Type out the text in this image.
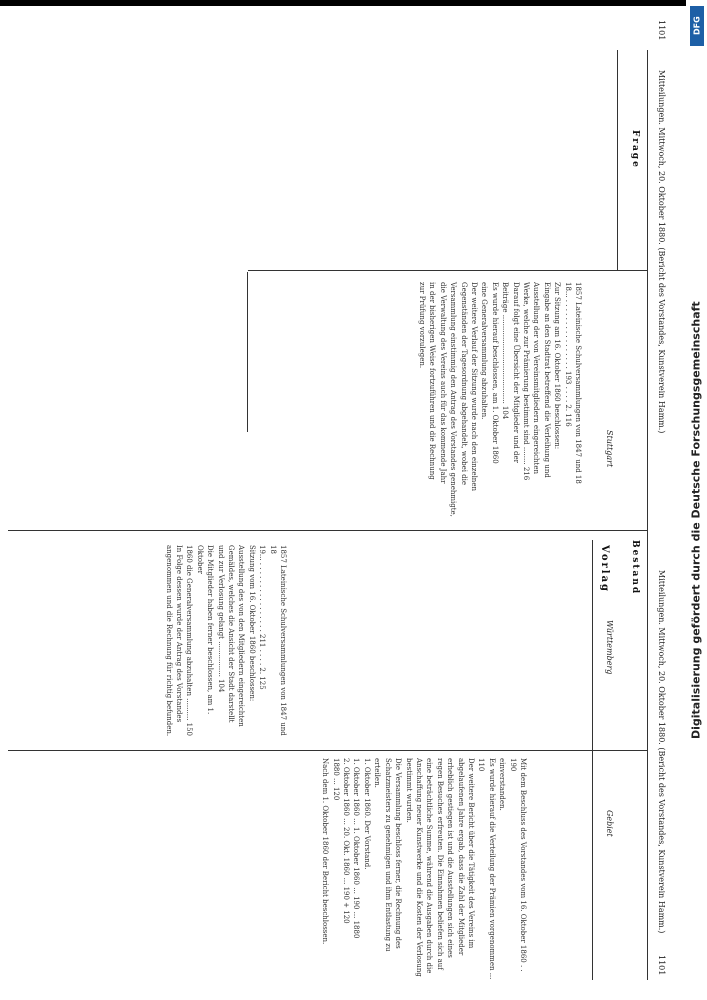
1101
Mitteilungen. Mittwoch, 20. Oktober 1880. (Bericht des Vorstandes, Kunstverein Hamm.)
Mitteilungen. Mittwoch, 20. Oktober 1880. (Bericht des Vorstandes, Kunstverein Hamm.)
1101
Frage
Bestand
Stuttgart
1857 Lateinische Schulversammlungen von 1847 und 18
18... . . . . . . . . . . . . . . . . 193 . . . . 2. 116
Zur Sitzung am 16. Oktober 1860 beschlossen:
Eingabe an den Stadtrat betreffend die Verleihung und
Ausstellung der von Vereinsmitgliedern eingereichten
Werke, welche zur Prämierung bestimmt sind ........ 216
Darauf folgt eine Übersicht der Mitglieder und der
Beiträge ........................................ 104
Es wurde hierauf beschlossen, am 1. Oktober 1860
eine Generalversammlung abzuhalten.
Der weitere Verlauf der Sitzung wurde nach den einzelnen
Gegenständen der Tagesordnung abgehandelt, wobei die
Versammlung einstimmig den Antrag des Vorstandes genehmigte,
die Verwaltung des Vereins auch für das kommende Jahr
in der bisherigen Weise fortzuführen und die Rechnung
zur Prüfung vorzulegen.
Vorlag
Württemberg
Gebiet
1857 Lateinische Schulversammlungen von 1847 und 18
19... . . . . . . . . . . . . . . . . 211 . . . . 2. 125
Sitzung vom 16. Oktober 1860 beschlossen:
Ausstellung des von den Mitgliedern eingereichten
Gemäldes, welches die Ansicht der Stadt darstellt
und zur Verlosung gelangt ................ 104
Die Mitglieder haben ferner beschlossen, am 1. Oktober
1860 die Generalversammlung abzuhalten .......... 150
In Folge dessen wurde der Antrag des Vorstandes
angenommen und die Rechnung für richtig befunden.
Mit dem Beschluss des Vorstandes vom 16. Oktober 1860 . . 190
einverstanden.
Es wurde hierauf die Verteilung der Prämien vorgenommen ... 110
Der weitere Bericht über die Tätigkeit des Vereins im
abgelaufenen Jahre ergab, dass die Zahl der Mitglieder
erheblich gestiegen ist und die Ausstellungen sich eines
regen Besuches erfreuten. Die Einnahmen beliefen sich auf
eine beträchtliche Summe, während die Ausgaben durch die
Anschaffung neuer Kunstwerke und die Kosten der Verlosung
bestimmt wurden.
Die Versammlung beschloss ferner, die Rechnung des
Schatzmeisters zu genehmigen und ihm Entlastung zu erteilen.
1. Oktober 1860. Der Vorstand.
1. Oktober 1860 ... 1. Oktober 1860 ... 190 ... 1880
2. Oktober 1860 ... 20. Okt. 1860 ... 190 + 120
1880 ... 120
Nach dem 1. Oktober 1860 der Bericht beschlossen.
DFG
Digitalisierung gefördert durch die Deutsche Forschungsgemeinschaft
